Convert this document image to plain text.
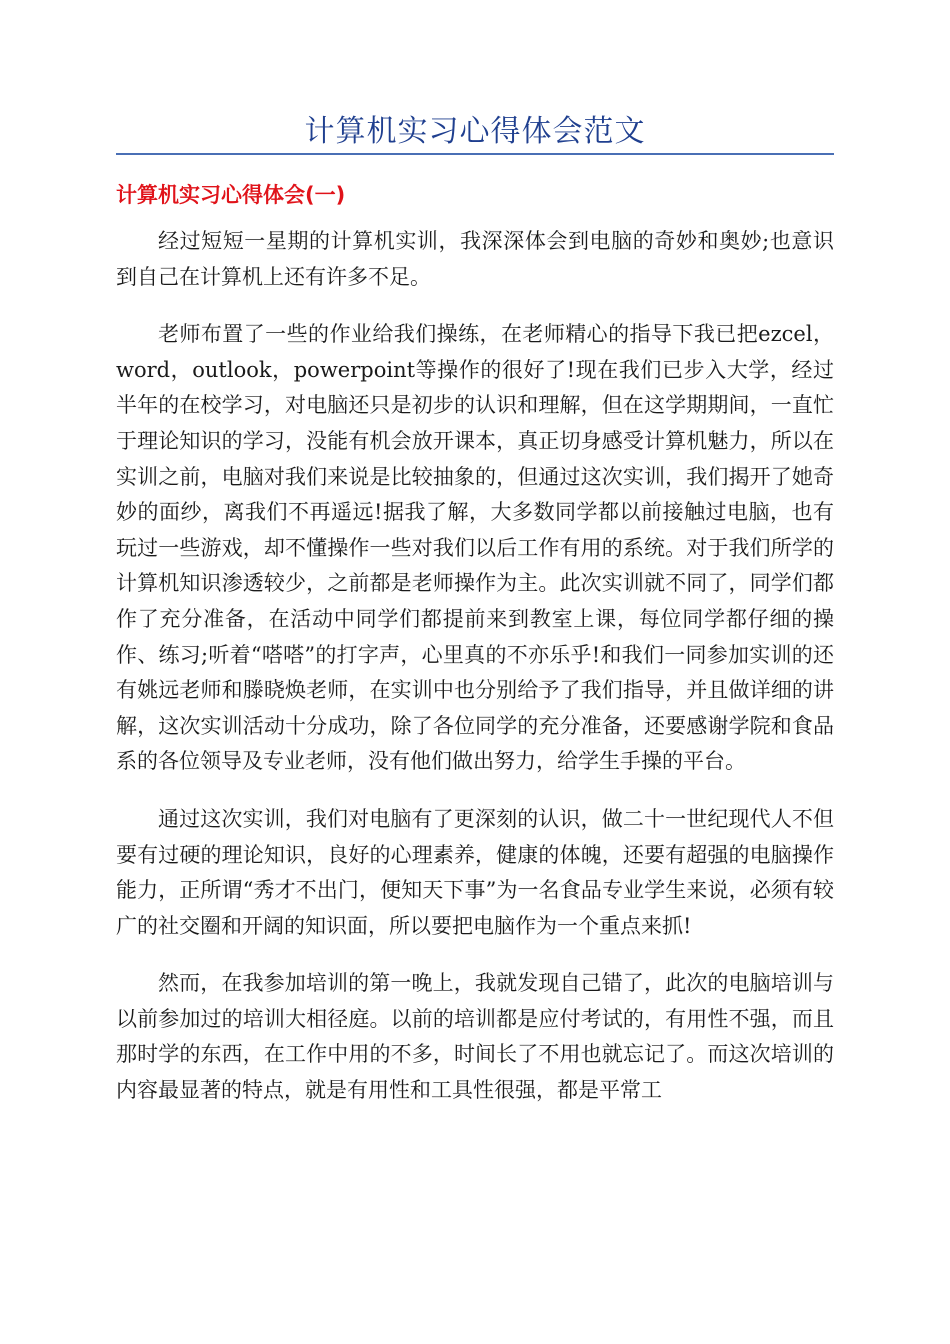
计算机实习心得体会范文
计算机实习心得体会(一)

经过短短一星期的计算机实训，我深深体会到电脑的奇妙和奥妙;也意识到自己在计算机上还有许多不足。

老师布置了一些的作业给我们操练，在老师精心的指导下我已把ezcel，word，outlook，powerpoint等操作的很好了!现在我们已步入大学，经过半年的在校学习，对电脑还只是初步的认识和理解，但在这学期期间，一直忙于理论知识的学习，没能有机会放开课本，真正切身感受计算机魅力，所以在实训之前，电脑对我们来说是比较抽象的，但通过这次实训，我们揭开了她奇妙的面纱，离我们不再遥远!据我了解，大多数同学都以前接触过电脑，也有玩过一些游戏，却不懂操作一些对我们以后工作有用的系统。对于我们所学的计算机知识渗透较少，之前都是老师操作为主。此次实训就不同了，同学们都作了充分准备，在活动中同学们都提前来到教室上课，每位同学都仔细的操作、练习;听着“嗒嗒”的打字声，心里真的不亦乐乎!和我们一同参加实训的还有姚远老师和滕晓焕老师，在实训中也分别给予了我们指导，并且做详细的讲解，这次实训活动十分成功，除了各位同学的充分准备，还要感谢学院和食品系的各位领导及专业老师，没有他们做出努力，给学生手操的平台。

通过这次实训，我们对电脑有了更深刻的认识，做二十一世纪现代人不但要有过硬的理论知识，良好的心理素养，健康的体魄，还要有超强的电脑操作能力，正所谓“秀才不出门，便知天下事”为一名食品专业学生来说，必须有较广的社交圈和开阔的知识面，所以要把电脑作为一个重点来抓!

然而，在我参加培训的第一晚上，我就发现自己错了，此次的电脑培训与以前参加过的培训大相径庭。以前的培训都是应付考试的，有用性不强，而且那时学的东西，在工作中用的不多，时间长了不用也就忘记了。而这次培训的内容最显著的特点，就是有用性和工具性很强，都是平常工
